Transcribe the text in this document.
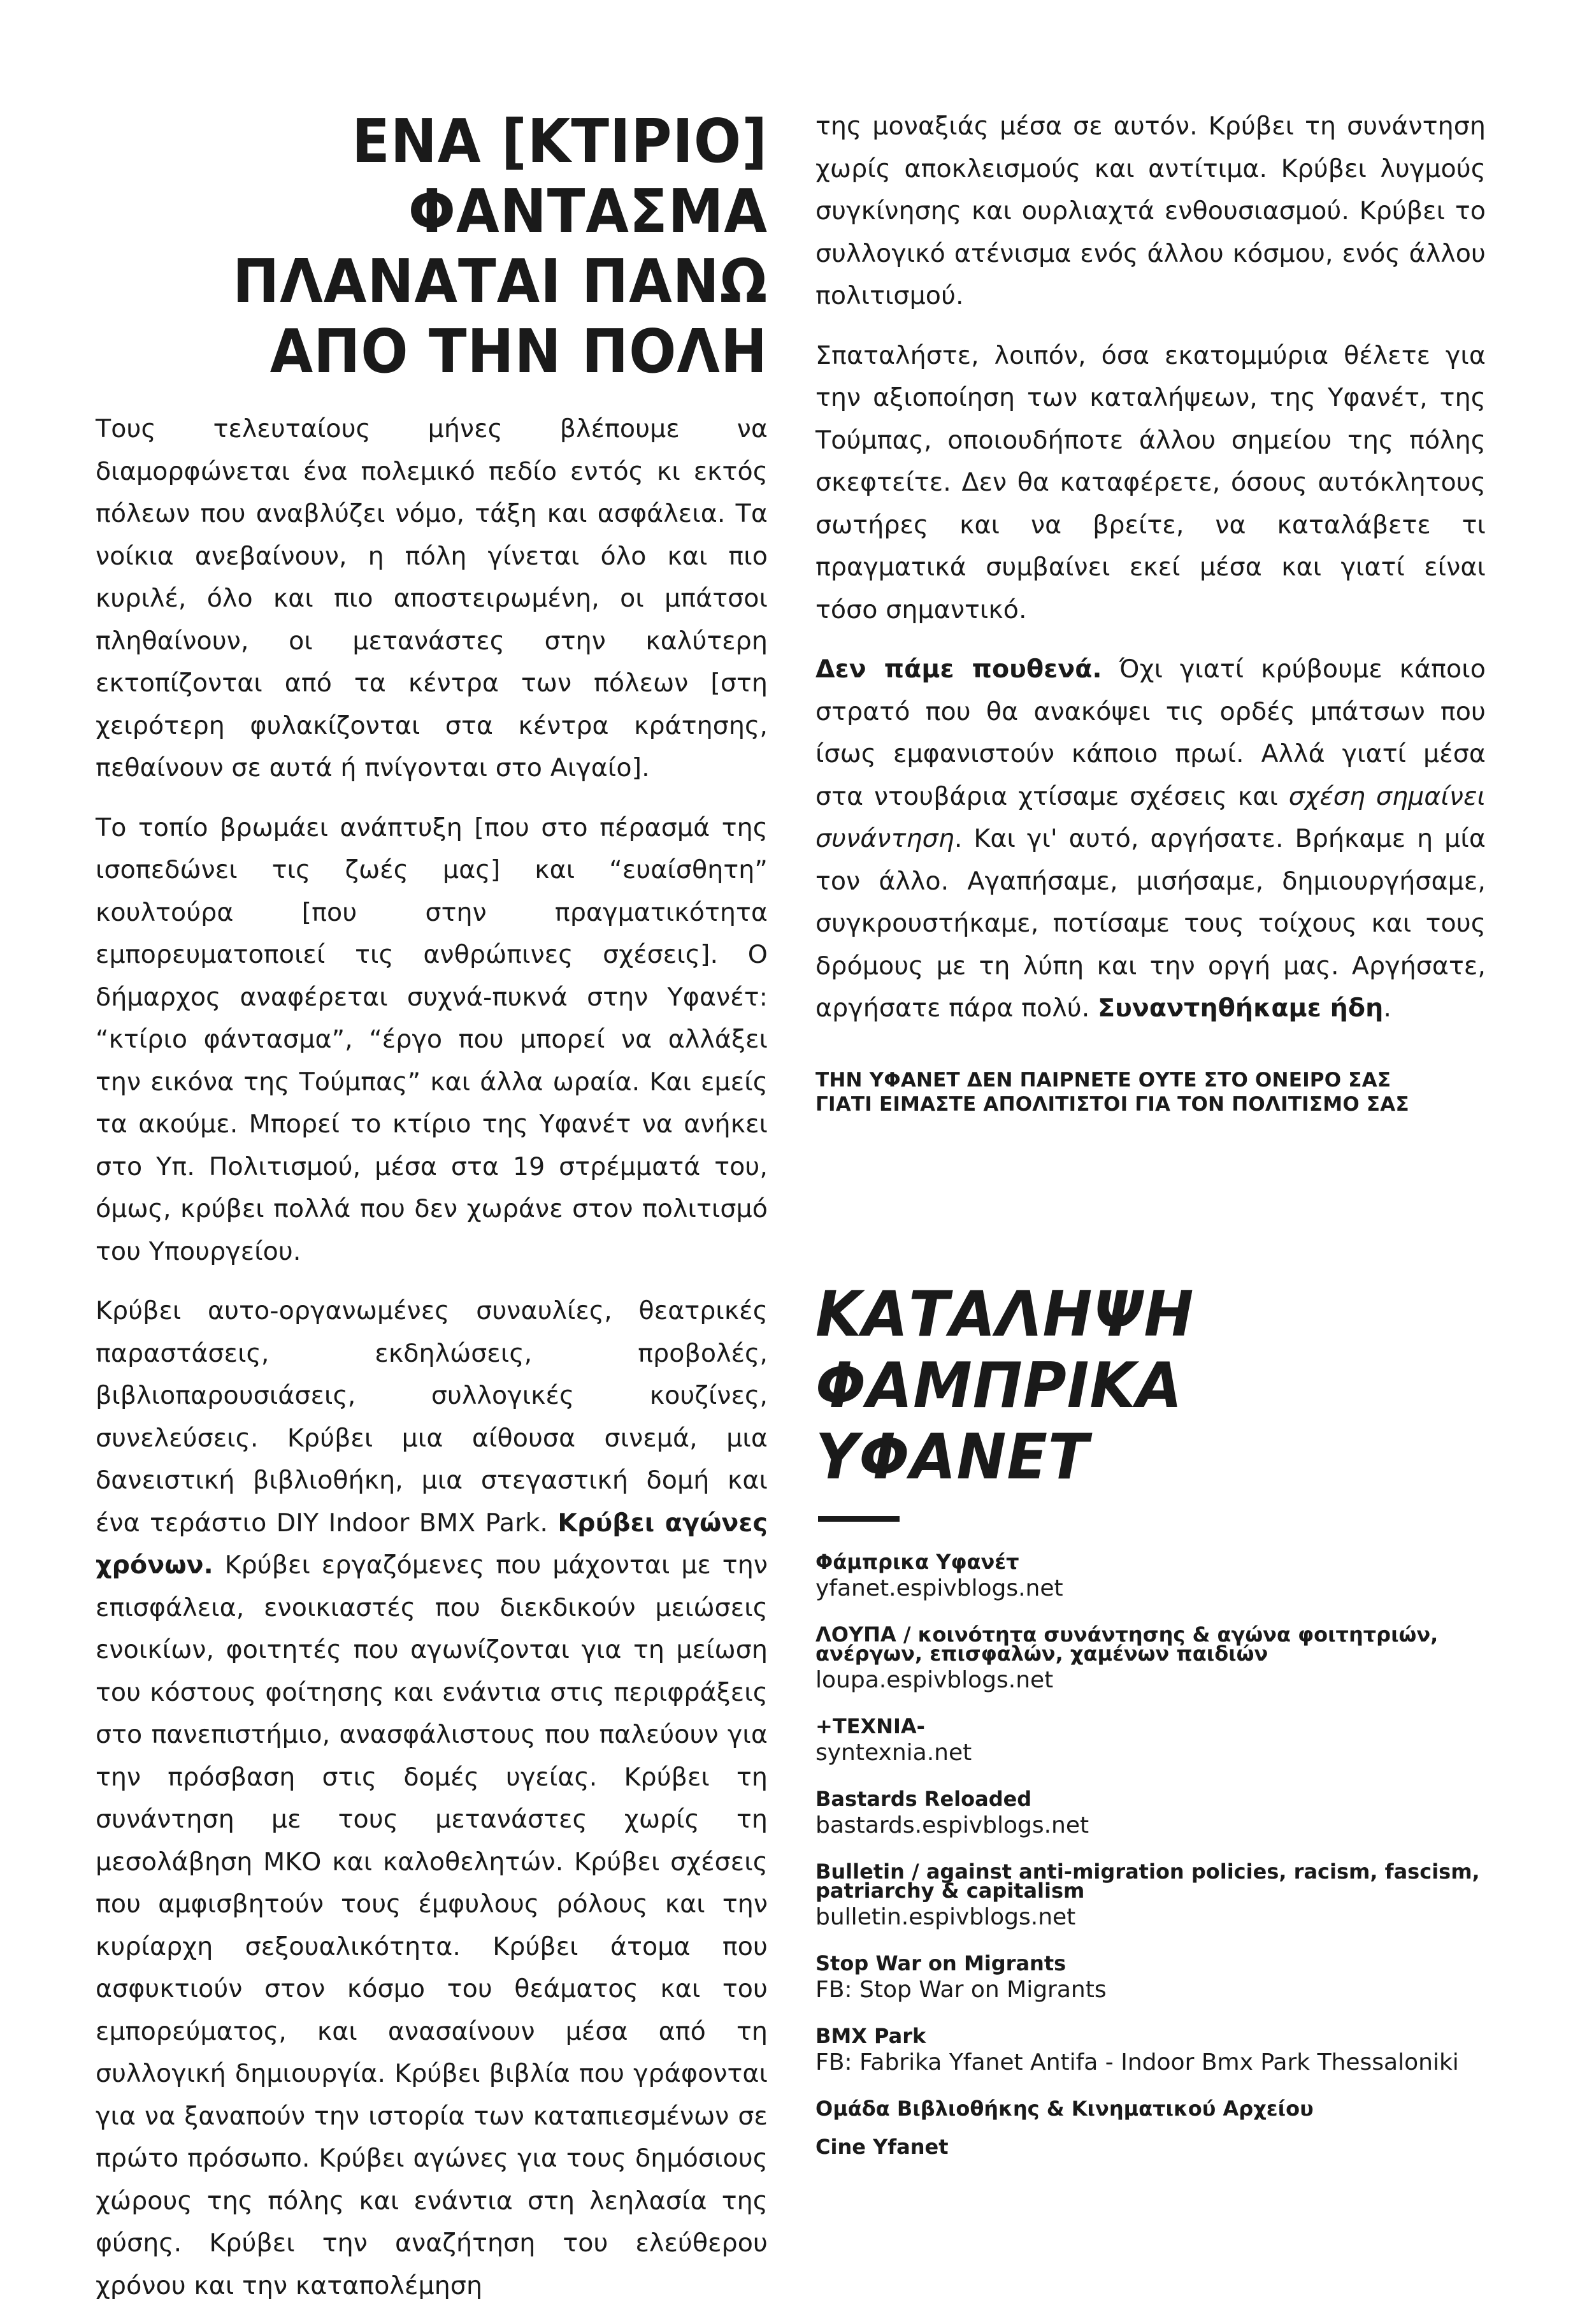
ΕΝΑ [ΚΤΙΡΙΟ]
ΦΑΝΤΑΣΜΑ
ΠΛΑΝΑΤΑΙ ΠΑΝΩ
ΑΠΟ ΤΗΝ ΠΟΛΗ

Τους τελευταίους μήνες βλέπουμε να διαμορφώνεται ένα πολεμικό πεδίο εντός κι εκτός πόλεων που αναβλύζει νόμο, τάξη και ασφάλεια. Τα νοίκια ανεβαίνουν, η πόλη γίνεται όλο και πιο κυριλέ, όλο και πιο αποστειρωμένη, οι μπάτσοι πληθαίνουν, οι μετανάστες στην καλύτερη εκτοπίζονται από τα κέντρα των πόλεων [στη χειρότερη φυλακίζονται στα κέντρα κράτησης, πεθαίνουν σε αυτά ή πνίγονται στο Αιγαίο].

Το τοπίο βρωμάει ανάπτυξη [που στο πέρασμά της ισοπεδώνει τις ζωές μας] και “ευαίσθητη” κουλτούρα [που στην πραγματικότητα εμπορευματοποιεί τις ανθρώπινες σχέσεις]. Ο δήμαρχος αναφέρεται συχνά-πυκνά στην Υφανέτ: “κτίριο φάντασμα”, “έργο που μπορεί να αλλάξει την εικόνα της Τούμπας” και άλλα ωραία. Και εμείς τα ακούμε. Μπορεί το κτίριο της Υφανέτ να ανήκει στο Υπ. Πολιτισμού, μέσα στα 19 στρέμματά του, όμως, κρύβει πολλά που δεν χωράνε στον πολιτισμό του Υπουργείου.

Κρύβει αυτο-οργανωμένες συναυλίες, θεατρικές παραστάσεις, εκδηλώσεις, προβολές, βιβλιοπαρουσιάσεις, συλλογικές κουζίνες, συνελεύσεις. Κρύβει μια αίθουσα σινεμά, μια δανειστική βιβλιοθήκη, μια στεγαστική δομή και ένα τεράστιο DIY Indoor BMX Park. Κρύβει αγώνες χρόνων. Κρύβει εργαζόμενες που μάχονται με την επισφάλεια, ενοικιαστές που διεκδικούν μειώσεις ενοικίων, φοιτητές που αγωνίζονται για τη μείωση του κόστους φοίτησης και ενάντια στις περιφράξεις στο πανεπιστήμιο, ανασφάλιστους που παλεύουν για την πρόσβαση στις δομές υγείας. Κρύβει τη συνάντηση με τους μετανάστες χωρίς τη μεσολάβηση ΜΚΟ και καλοθελητών. Κρύβει σχέσεις που αμφισβητούν τους έμφυλους ρόλους και την κυρίαρχη σεξουαλικότητα. Κρύβει άτομα που ασφυκτιούν στον κόσμο του θεάματος και του εμπορεύματος, και ανασαίνουν μέσα από τη συλλογική δημιουργία. Κρύβει βιβλία που γράφονται για να ξαναπούν την ιστορία των καταπιεσμένων σε πρώτο πρόσωπο. Κρύβει αγώνες για τους δημόσιους χώρους της πόλης και ενάντια στη λεηλασία της φύσης. Κρύβει την αναζήτηση του ελεύθερου χρόνου και την καταπολέμηση

της μοναξιάς μέσα σε αυτόν. Κρύβει τη συνάντηση χωρίς αποκλεισμούς και αντίτιμα. Κρύβει λυγμούς συγκίνησης και ουρλιαχτά ενθουσιασμού. Κρύβει το συλλογικό ατένισμα ενός άλλου κόσμου, ενός άλλου πολιτισμού.

Σπαταλήστε, λοιπόν, όσα εκατομμύρια θέλετε για την αξιοποίηση των καταλήψεων, της Υφανέτ, της Τούμπας, οποιουδήποτε άλλου σημείου της πόλης σκεφτείτε. Δεν θα καταφέρετε, όσους αυτόκλητους σωτήρες και να βρείτε, να καταλάβετε τι πραγματικά συμβαίνει εκεί μέσα και γιατί είναι τόσο σημαντικό.

Δεν πάμε πουθενά. Όχι γιατί κρύβουμε κάποιο στρατό που θα ανακόψει τις ορδές μπάτσων που ίσως εμφανιστούν κάποιο πρωί. Αλλά γιατί μέσα στα ντουβάρια χτίσαμε σχέσεις και σχέση σημαίνει συνάντηση. Και γι' αυτό, αργήσατε. Βρήκαμε η μία τον άλλο. Αγαπήσαμε, μισήσαμε, δημιουργήσαμε, συγκρουστήκαμε, ποτίσαμε τους τοίχους και τους δρόμους με τη λύπη και την οργή μας. Αργήσατε, αργήσατε πάρα πολύ. Συναντηθήκαμε ήδη.

ΤΗΝ ΥΦΑΝΕΤ ΔΕΝ ΠΑΙΡΝΕΤΕ ΟΥΤΕ ΣΤΟ ΟΝΕΙΡΟ ΣΑΣ
ΓΙΑΤΙ ΕΙΜΑΣΤΕ ΑΠΟΛΙΤΙΣΤΟΙ ΓΙΑ ΤΟΝ ΠΟΛΙΤΙΣΜΟ ΣΑΣ
ΚΑΤΑΛΗΨΗ
ΦΑΜΠΡΙΚΑ ΥΦΑΝΕΤ
Φάμπρικα Υφανέτ
yfanet.espivblogs.net
ΛΟΥΠΑ / κοινότητα συνάντησης & αγώνα φοιτητριών, ανέργων, επισφαλών, χαμένων παιδιών
loupa.espivblogs.net
+ΤΕΧΝΙΑ-
syntexnia.net
Bastards Reloaded
bastards.espivblogs.net
Bulletin / against anti-migration policies, racism, fascism, patriarchy & capitalism
bulletin.espivblogs.net
Stop War on Migrants
FB: Stop War on Migrants
BMX Park
FB: Fabrika Yfanet Antifa - Indoor Bmx Park Thessaloniki
Ομάδα Βιβλιοθήκης & Κινηματικού Αρχείου
Cine Yfanet
